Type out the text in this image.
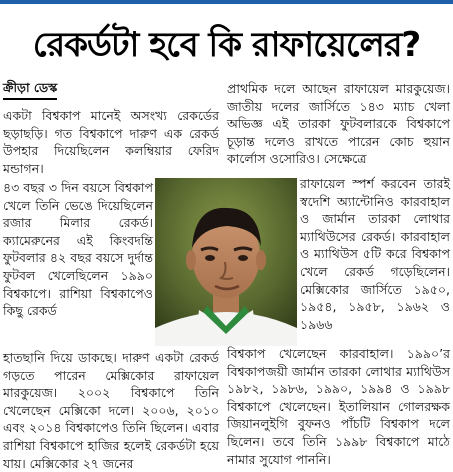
রেকর্ডটা হবে কি রাফায়েলের?
ক্রীড়া ডেস্ক
একটা বিশ্বকাপ মানেই অসংখ্য রেকর্ডের ছড়াছড়ি। গত বিশ্বকাপে দারুণ এক রেকর্ড উপহার দিয়েছিলেন কলম্বিয়ার ফেরিদ মন্ডাগন।
৪৩ বছর ৩ দিন বয়সে বিশ্বকাপ খেলে তিনি ভেঙে দিয়েছিলেন রজার মিলার রেকর্ড। ক্যামেরুনের এই কিংবদন্তি ফুটবলার ৪২ বছর বয়সে দুর্দান্ত ফুটবল খেলেছিলেন ১৯৯০ বিশ্বকাপে। রাশিয়া বিশ্বকাপেও কিছু রেকর্ড
হাতছানি দিয়ে ডাকছে। দারুণ একটা রেকর্ড গড়তে পারেন মেক্সিকোর রাফায়েল মারকুয়েজ। ২০০২ বিশ্বকাপে তিনি খেলেছেন মেক্সিকো দলে। ২০০৬, ২০১০ এবং ২০১৪ বিশ্বকাপেও তিনি ছিলেন। এবার রাশিয়া বিশ্বকাপে হাজির হলেই রেকর্ডটা হয়ে যায়। মেক্সিকোর ২৭ জনের
প্রাথমিক দলে আছেন রাফায়েল মারকুয়েজ। জাতীয় দলের জার্সিতে ১৪৩ ম্যাচ খেলা অভিজ্ঞ এই তারকা ফুটবলারকে বিশ্বকাপে চূড়ান্ত দলেও রাখতে পারেন কোচ হুয়ান কার্লোস ওসোরিও। সেক্ষেত্রে
রাফায়েল স্পর্শ করবেন তারই স্বদেশি অ্যান্টোনিও কারবাহাল ও জার্মান তারকা লোথার ম্যাথিউসের রেকর্ড। কারবাহাল ও ম্যাথিউস ৫টি করে বিশ্বকাপ খেলে রেকর্ড গড়েছিলেন। মেক্সিকোর জার্সিতে ১৯৫০, ১৯৫৪, ১৯৫৮, ১৯৬২ ও ১৯৬৬
বিশ্বকাপ খেলেছেন কারবাহাল। ১৯৯০’র বিশ্বকাপজয়ী জার্মান তারকা লোথার ম্যাথিউস ১৯৮২, ১৯৮৬, ১৯৯০, ১৯৯৪ ও ১৯৯৮ বিশ্বকাপে খেলেছেন। ইতালিয়ান গোলরক্ষক জিয়ানলুইগি বুফনও পাঁচটি বিশ্বকাপ দলে ছিলেন। তবে তিনি ১৯৯৮ বিশ্বকাপে মাঠে নামার সুযোগ পাননি।
